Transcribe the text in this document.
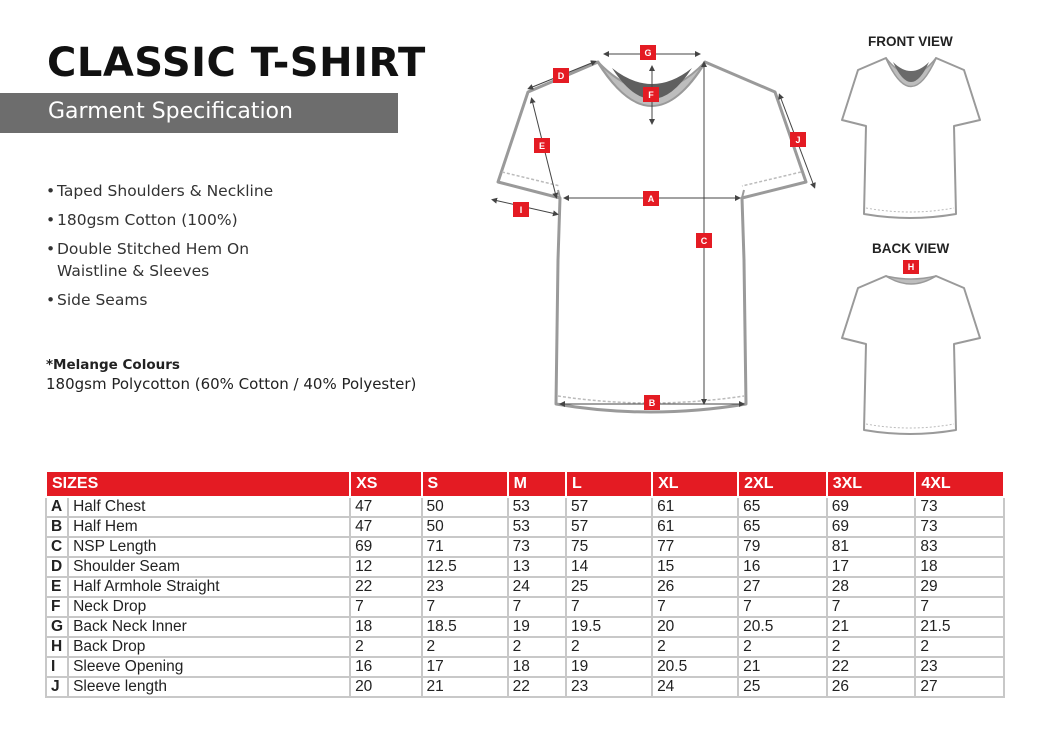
CLASSIC T-SHIRT
Garment Specification
• Taped Shoulders & Neckline
• 180gsm Cotton (100%)
• Double Stitched Hem On Waistline & Sleeves
• Side Seams
*Melange Colours
180gsm Polycotton (60% Cotton / 40% Polyester)
A
B
C
D
E
F
G
I
J
H
FRONT VIEW
BACK VIEW
SIZES		XS	S	M	L	XL	2XL	3XL	4XL
A	Half Chest	47	50	53	57	61	65	69	73
B	Half Hem	47	50	53	57	61	65	69	73
C	NSP Length	69	71	73	75	77	79	81	83
D	Shoulder Seam	12	12.5	13	14	15	16	17	18
E	Half Armhole Straight	22	23	24	25	26	27	28	29
F	Neck Drop	7	7	7	7	7	7	7	7
G	Back Neck Inner	18	18.5	19	19.5	20	20.5	21	21.5
H	Back Drop	2	2	2	2	2	2	2	2
I	Sleeve Opening	16	17	18	19	20.5	21	22	23
J	Sleeve length	20	21	22	23	24	25	26	27
